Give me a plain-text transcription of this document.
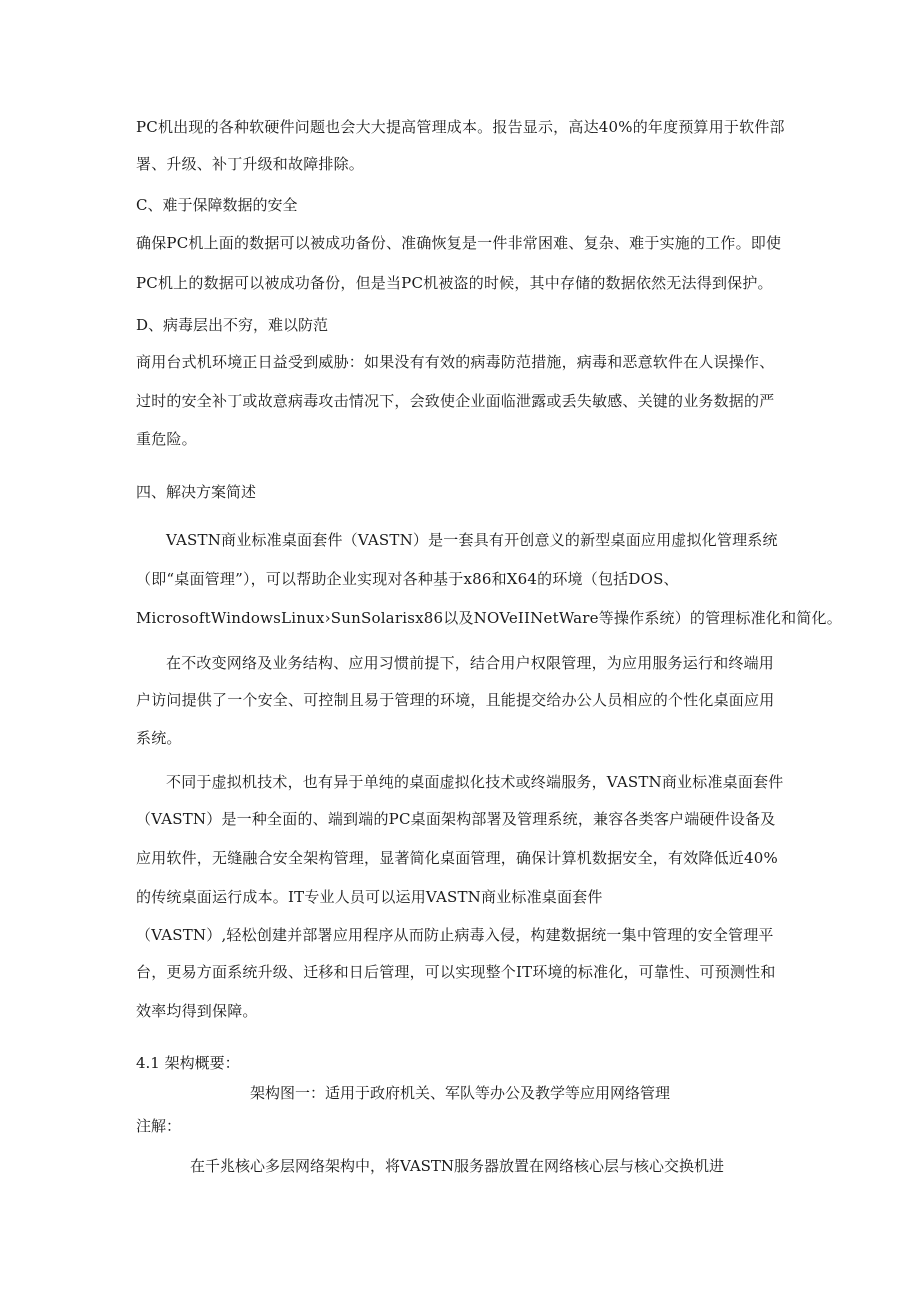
PC机出现的各种软硬件问题也会大大提高管理成本。报告显示，高达40%的年度预算用于软件部
署、升级、补丁升级和故障排除。
C、难于保障数据的安全
确保PC机上面的数据可以被成功备份、准确恢复是一件非常困难、复杂、难于实施的工作。即使
PC机上的数据可以被成功备份，但是当PC机被盗的时候，其中存储的数据依然无法得到保护。
D、病毒层出不穷，难以防范
商用台式机环境正日益受到威胁：如果没有有效的病毒防范措施，病毒和恶意软件在人误操作、
过时的安全补丁或故意病毒攻击情况下，会致使企业面临泄露或丢失敏感、关键的业务数据的严
重危险。
四、解决方案简述
VASTN商业标准桌面套件（VASTN）是一套具有开创意义的新型桌面应用虚拟化管理系统
（即“桌面管理”），可以帮助企业实现对各种基于x86和X64的环境（包括DOS、
MicrosoftWindowsLinux›SunSolarisx86以及NOVeIINetWare等操作系统）的管理标准化和简化。
在不改变网络及业务结构、应用习惯前提下，结合用户权限管理，为应用服务运行和终端用
户访问提供了一个安全、可控制且易于管理的环境，且能提交给办公人员相应的个性化桌面应用
系统。
不同于虚拟机技术，也有异于单纯的桌面虚拟化技术或终端服务，VASTN商业标准桌面套件
（VASTN）是一种全面的、端到端的PC桌面架构部署及管理系统，兼容各类客户端硬件设备及
应用软件，无缝融合安全架构管理，显著简化桌面管理，确保计算机数据安全，有效降低近40%
的传统桌面运行成本。IT专业人员可以运用VASTN商业标准桌面套件
（VASTN）,轻松创建并部署应用程序从而防止病毒入侵，构建数据统一集中管理的安全管理平
台，更易方面系统升级、迁移和日后管理，可以实现整个IT环境的标准化，可靠性、可预测性和
效率均得到保障。
4.1 架构概要：
架构图一：适用于政府机关、军队等办公及教学等应用网络管理
注解：
在千兆核心多层网络架构中，将VASTN服务器放置在网络核心层与核心交换机进
